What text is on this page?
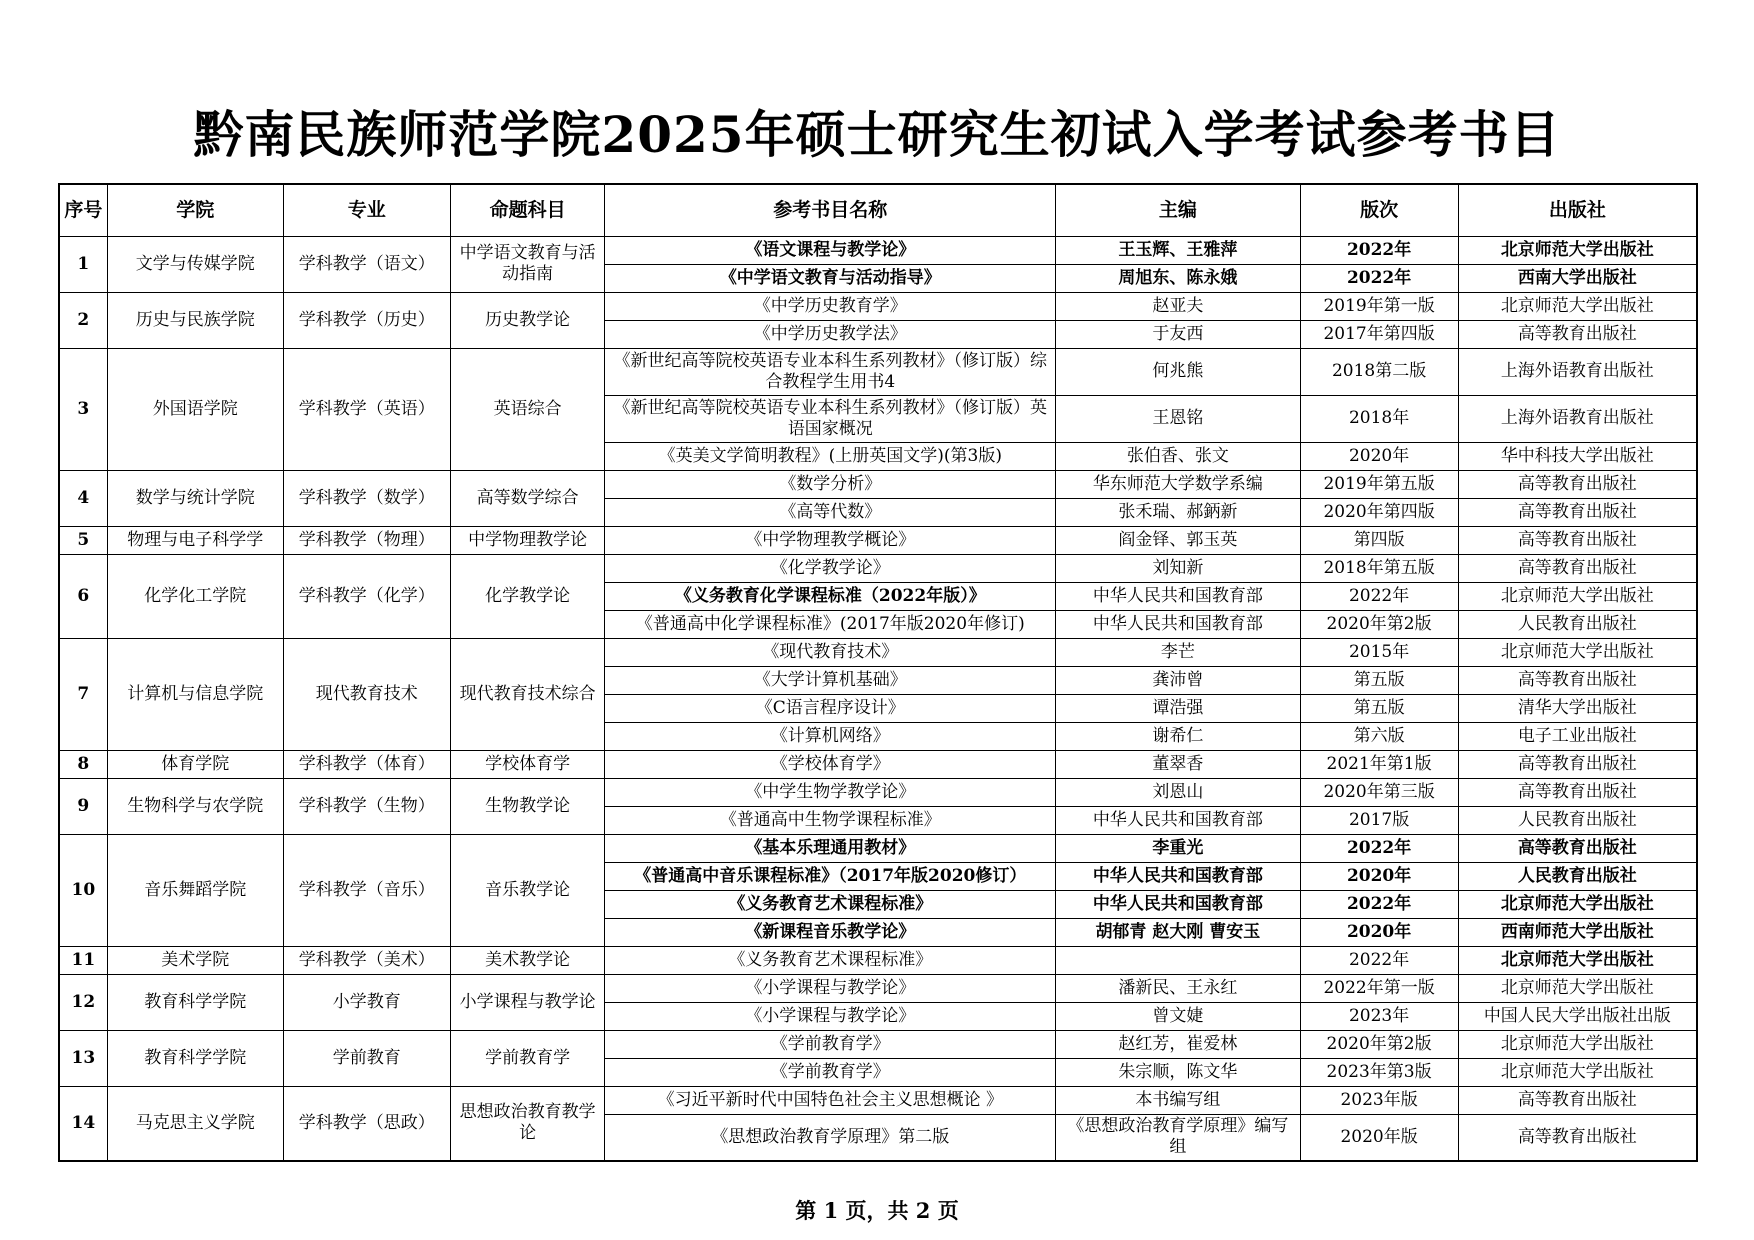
黔南民族师范学院2025年硕士研究生初试入学考试参考书目
序号	学院	专业	命题科目	参考书目名称	主编	版次	出版社
1	文学与传媒学院	学科教学（语文）	中学语文教育与活动指南	《语文课程与教学论》	王玉辉、王雅萍	2022年	北京师范大学出版社
				《中学语文教育与活动指导》	周旭东、陈永娥	2022年	西南大学出版社
2	历史与民族学院	学科教学（历史）	历史教学论	《中学历史教育学》	赵亚夫	2019年第一版	北京师范大学出版社
				《中学历史教学法》	于友西	2017年第四版	高等教育出版社
3	外国语学院	学科教学（英语）	英语综合	《新世纪高等院校英语专业本科生系列教材》（修订版）综合教程学生用书4	何兆熊	2018第二版	上海外语教育出版社
				《新世纪高等院校英语专业本科生系列教材》（修订版）英语国家概况	王恩铭	2018年	上海外语教育出版社
				《英美文学简明教程》(上册英国文学)(第3版)	张伯香、张文	2020年	华中科技大学出版社
4	数学与统计学院	学科教学（数学）	高等数学综合	《数学分析》	华东师范大学数学系编	2019年第五版	高等教育出版社
				《高等代数》	张禾瑞、郝鈵新	2020年第四版	高等教育出版社
5	物理与电子科学学	学科教学（物理）	中学物理教学论	《中学物理教学概论》	阎金铎、郭玉英	第四版	高等教育出版社
6	化学化工学院	学科教学（化学）	化学教学论	《化学教学论》	刘知新	2018年第五版	高等教育出版社
				《义务教育化学课程标准（2022年版）》	中华人民共和国教育部	2022年	北京师范大学出版社
				《普通高中化学课程标准》(2017年版2020年修订)	中华人民共和国教育部	2020年第2版	人民教育出版社
7	计算机与信息学院	现代教育技术	现代教育技术综合	《现代教育技术》	李芒	2015年	北京师范大学出版社
				《大学计算机基础》	龚沛曾	第五版	高等教育出版社
				《C语言程序设计》	谭浩强	第五版	清华大学出版社
				《计算机网络》	谢希仁	第六版	电子工业出版社
8	体育学院	学科教学（体育）	学校体育学	《学校体育学》	董翠香	2021年第1版	高等教育出版社
9	生物科学与农学院	学科教学（生物）	生物教学论	《中学生物学教学论》	刘恩山	2020年第三版	高等教育出版社
				《普通高中生物学课程标准》	中华人民共和国教育部	2017版	人民教育出版社
10	音乐舞蹈学院	学科教学（音乐）	音乐教学论	《基本乐理通用教材》	李重光	2022年	高等教育出版社
				《普通高中音乐课程标准》（2017年版2020修订）	中华人民共和国教育部	2020年	人民教育出版社
				《义务教育艺术课程标准》	中华人民共和国教育部	2022年	北京师范大学出版社
				《新课程音乐教学论》	胡郁青 赵大刚 曹安玉	2020年	西南师范大学出版社
11	美术学院	学科教学（美术）	美术教学论	《义务教育艺术课程标准》		2022年	北京师范大学出版社
12	教育科学学院	小学教育	小学课程与教学论	《小学课程与教学论》	潘新民、王永红	2022年第一版	北京师范大学出版社
				《小学课程与教学论》	曾文婕	2023年	中国人民大学出版社出版
13	教育科学学院	学前教育	学前教育学	《学前教育学》	赵红芳，崔爱林	2020年第2版	北京师范大学出版社
				《学前教育学》	朱宗顺，陈文华	2023年第3版	北京师范大学出版社
14	马克思主义学院	学科教学（思政）	思想政治教育教学论	《习近平新时代中国特色社会主义思想概论 》	本书编写组	2023年版	高等教育出版社
				《思想政治教育学原理》第二版	《思想政治教育学原理》编写组	2020年版	高等教育出版社
第 1 页，共 2 页
